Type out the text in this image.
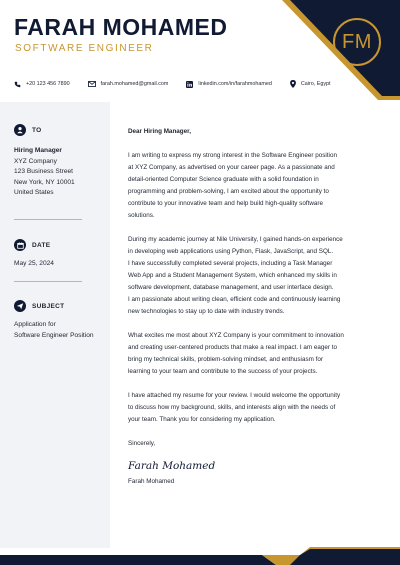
FARAH MOHAMED
SOFTWARE ENGINEER	FM
+20 123 456 7890	farah.mohamed@gmail.com	linkedin.com/in/farahmohamed	Cairo, Egypt
TO
Hiring Manager
XYZ Company
123 Business Street
New York, NY 10001
United States
DATE
May 25, 2024
SUBJECT
Application for
Software Engineer Position

Dear Hiring Manager,

I am writing to express my strong interest in the Software Engineer position
at XYZ Company, as advertised on your career page. As a passionate and
detail-oriented Computer Science graduate with a solid foundation in
programming and problem-solving, I am excited about the opportunity to
contribute to your innovative team and help build high-quality software
solutions.

During my academic journey at Nile University, I gained hands-on experience
in developing web applications using Python, Flask, JavaScript, and SQL.
I have successfully completed several projects, including a Task Manager
Web App and a Student Management System, which enhanced my skills in
software development, database management, and user interface design.
I am passionate about writing clean, efficient code and continuously learning
new technologies to stay up to date with industry trends.

What excites me most about XYZ Company is your commitment to innovation
and creating user-centered products that make a real impact. I am eager to
bring my technical skills, problem-solving mindset, and enthusiasm for
learning to your team and contribute to the success of your projects.

I have attached my resume for your review. I would welcome the opportunity
to discuss how my background, skills, and interests align with the needs of
your team. Thank you for considering my application.

Sincerely,

Farah Mohamed

Farah Mohamed
